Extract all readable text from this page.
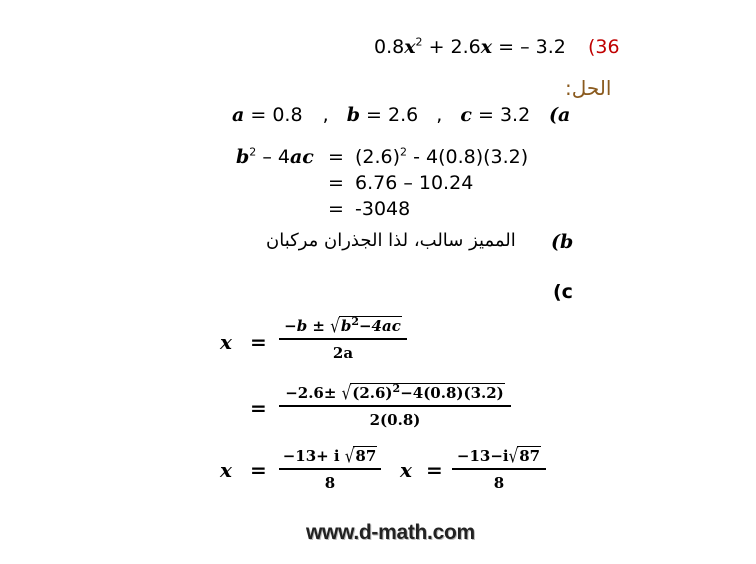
$0.8x^2 + 2.6x$ = – 3.2 (36
الحل:
a = 0.8 , b = 2.6 , c = 3.2 (a
$b^2 - 4ac = (2.6)^2 - 4(0.8)(3.2)$
= 6.76 – 10.24
= -3048
المميز سالب، لذا الجذران مركبان (b
(c
x =
$-b \pm √b^2-4ac$
2a
=
$-2.6\pm √(2.6)^2-4(0.8)(3.2)$
2(0.8)
x =
−13+ i √87
8
x =
−13−i√87
8
www.d-math.com
